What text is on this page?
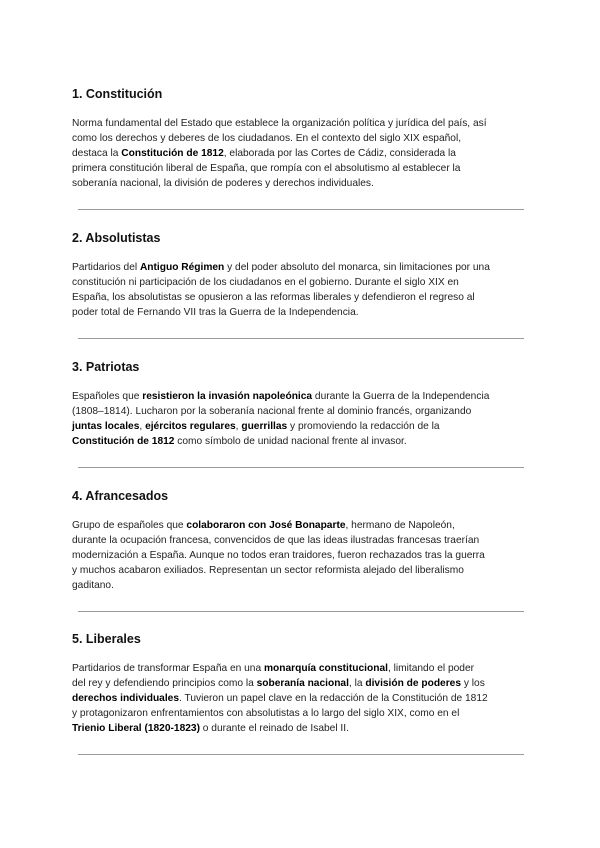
1. Constitución

Norma fundamental del Estado que establece la organización política y jurídica del país, así

como los derechos y deberes de los ciudadanos. En el contexto del siglo XIX español,

destaca la Constitución de 1812, elaborada por las Cortes de Cádiz, considerada la

primera constitución liberal de España, que rompía con el absolutismo al establecer la

soberanía nacional, la división de poderes y derechos individuales.

2. Absolutistas

Partidarios del Antiguo Régimen y del poder absoluto del monarca, sin limitaciones por una

constitución ni participación de los ciudadanos en el gobierno. Durante el siglo XIX en

España, los absolutistas se opusieron a las reformas liberales y defendieron el regreso al

poder total de Fernando VII tras la Guerra de la Independencia.

3. Patriotas

Españoles que resistieron la invasión napoleónica durante la Guerra de la Independencia

(1808–1814). Lucharon por la soberanía nacional frente al dominio francés, organizando

juntas locales, ejércitos regulares, guerrillas y promoviendo la redacción de la

Constitución de 1812 como símbolo de unidad nacional frente al invasor.

4. Afrancesados

Grupo de españoles que colaboraron con José Bonaparte, hermano de Napoleón,

durante la ocupación francesa, convencidos de que las ideas ilustradas francesas traerían

modernización a España. Aunque no todos eran traidores, fueron rechazados tras la guerra

y muchos acabaron exiliados. Representan un sector reformista alejado del liberalismo

gaditano.

5. Liberales

Partidarios de transformar España en una monarquía constitucional, limitando el poder

del rey y defendiendo principios como la soberanía nacional, la división de poderes y los

derechos individuales. Tuvieron un papel clave en la redacción de la Constitución de 1812

y protagonizaron enfrentamientos con absolutistas a lo largo del siglo XIX, como en el

Trienio Liberal (1820-1823) o durante el reinado de Isabel II.
